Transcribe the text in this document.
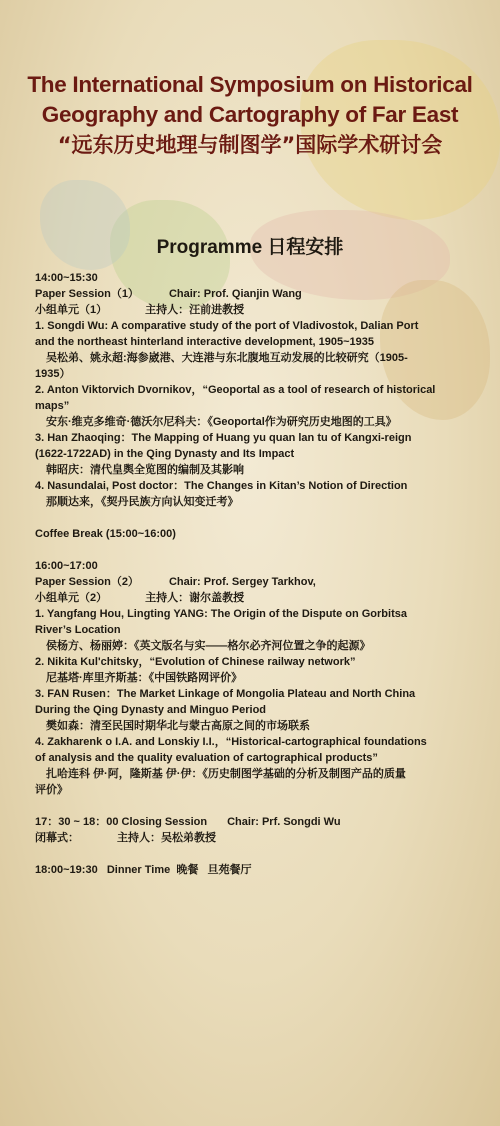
The International Symposium on Historical
Geography and Cartography of Far East
“远东历史地理与制图学”国际学术研讨会
Programme 日程安排

14:00~15:30

Paper Session（1）	Chair: Prof. Qianjin Wang

小组单元（1）	主持人：汪前进教授

1. Songdi Wu: A comparative study of the port of Vladivostok, Dalian Port

and the northeast hinterland interactive development, 1905~1935

吴松弟、姚永超:海参崴港、大连港与东北腹地互动发展的比较研究（1905-

1935）

2. Anton Viktorvich Dvornikov，“Geoportal as a tool of research of historical

maps”

安东·维克多维奇·德沃尔尼科夫：《Geoportal作为研究历史地图的工具》

3. Han Zhaoqing：The Mapping of Huang yu quan lan tu of Kangxi-reign

(1622-1722AD) in the Qing Dynasty and Its Impact

韩昭庆：清代皇舆全览图的编制及其影响

4. Nasundalai, Post doctor：The Changes in Kitan’s Notion of Direction

那顺达来，《契丹民族方向认知变迁考》

Coffee Break (15:00~16:00)

16:00~17:00

Paper Session（2）	Chair: Prof. Sergey Tarkhov,

小组单元（2）	主持人：谢尔盖教授

1. Yangfang Hou, Lingting YANG: The Origin of the Dispute on Gorbitsa

River’s Location

侯杨方、杨丽婷：《英文版名与实——格尔必齐河位置之争的起源》

2. Nikita Kul'chitsky，“Evolution of Chinese railway network”

尼基塔·库里齐斯基：《中国铁路网评价》

3. FAN Rusen：The Market Linkage of Mongolia Plateau and North China

During the Qing Dynasty and Minguo Period

樊如森：清至民国时期华北与蒙古高原之间的市场联系

4. Zakharenk o I.A. and Lonskiy I.I.，“Historical-cartographical foundations

of analysis and the quality evaluation of cartographical products”

扎哈连科 伊·阿，隆斯基 伊·伊：《历史制图学基础的分析及制图产品的质量

评价》

17：30 ~ 18：00 Closing Session Chair: Prf. Songdi Wu

闭幕式：	主持人：吴松弟教授

18:00~19:30   Dinner Time  晚餐   旦苑餐厅
